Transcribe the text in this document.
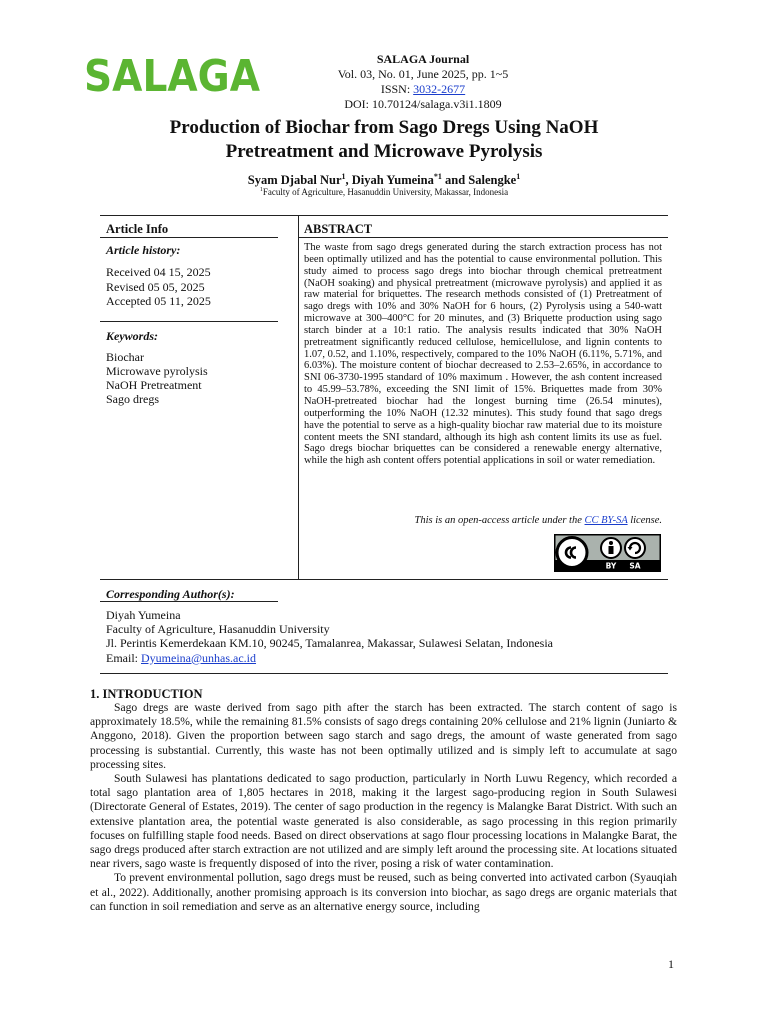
SALAGA	SALAGA Journal
Vol. 03, No. 01, June 2025, pp. 1~5
ISSN: 3032-2677
DOI: 10.70124/salaga.v3i1.1809
Production of Biochar from Sago Dregs Using NaOH
Pretreatment and Microwave Pyrolysis
Syam Djabal Nur$^1$, Diyah Yumeina$^{*1}$ and Salengke$^1$
$^1$Faculty of Agriculture, Hasanuddin University, Makassar, Indonesia
Article Info
Article history:
Received 04 15, 2025
Revised 05 05, 2025
Accepted 05 11, 2025
Keywords:
Biochar
Microwave pyrolysis
NaOH Pretreatment
Sago dregs
ABSTRACT
The waste from sago dregs generated during the starch extraction process has not been optimally utilized and has the potential to cause environmental pollution. This study aimed to process sago dregs into biochar through chemical pretreatment (NaOH soaking) and physical pretreatment (microwave pyrolysis) and applied it as raw material for briquettes. The research methods consisted of (1) Pretreatment of sago dregs with 10% and 30% NaOH for 6 hours, (2) Pyrolysis using a 540-watt microwave at 300–400°C for 20 minutes, and (3) Briquette production using sago starch binder at a 10:1 ratio. The analysis results indicated that 30% NaOH pretreatment significantly reduced cellulose, hemicellulose, and lignin contents to 1.07, 0.52, and 1.10%, respectively, compared to the 10% NaOH (6.11%, 5.71%, and 6.03%). The moisture content of biochar decreased to 2.53–2.65%, in accordance to SNI 06-3730-1995 standard of 10% maximum . However, the ash content increased to 45.99–53.78%, exceeding the SNI limit of 15%. Briquettes made from 30% NaOH-pretreated biochar had the longest burning time (26.54 minutes), outperforming the 10% NaOH (12.32 minutes). This study found that sago dregs have the potential to serve as a high-quality biochar raw material due to its moisture content meets the SNI standard, although its high ash content limits its use as fuel. Sago dregs biochar briquettes can be considered a renewable energy alternative, while the high ash content offers potential applications in soil or water remediation.
This is an open-access article under the CC BY-SA license.
BY SA
Corresponding Author(s):
Diyah Yumeina
Faculty of Agriculture, Hasanuddin University
Jl. Perintis Kemerdekaan KM.10, 90245, Tamalanrea, Makassar, Sulawesi Selatan, Indonesia
Email: Dyumeina@unhas.ac.id
1. INTRODUCTION

Sago dregs are waste derived from sago pith after the starch has been extracted. The starch content of sago is approximately 18.5%, while the remaining 81.5% consists of sago dregs containing 20% cellulose and 21% lignin (Juniarto & Anggono, 2018). Given the proportion between sago starch and sago dregs, the amount of waste generated from sago processing is substantial. Currently, this waste has not been optimally utilized and is simply left to accumulate at sago processing sites.

South Sulawesi has plantations dedicated to sago production, particularly in North Luwu Regency, which recorded a total sago plantation area of 1,805 hectares in 2018, making it the largest sago-producing region in South Sulawesi (Directorate General of Estates, 2019). The center of sago production in the regency is Malangke Barat District. With such an extensive plantation area, the potential waste generated is also considerable, as sago processing in this region primarily focuses on fulfilling staple food needs. Based on direct observations at sago flour processing locations in Malangke Barat, the sago dregs produced after starch extraction are not utilized and are simply left around the processing site. At locations situated near rivers, sago waste is frequently disposed of into the river, posing a risk of water contamination.

To prevent environmental pollution, sago dregs must be reused, such as being converted into activated carbon (Syauqiah et al., 2022). Additionally, another promising approach is its conversion into biochar, as sago dregs are organic materials that can function in soil remediation and serve as an alternative energy source, including

1
